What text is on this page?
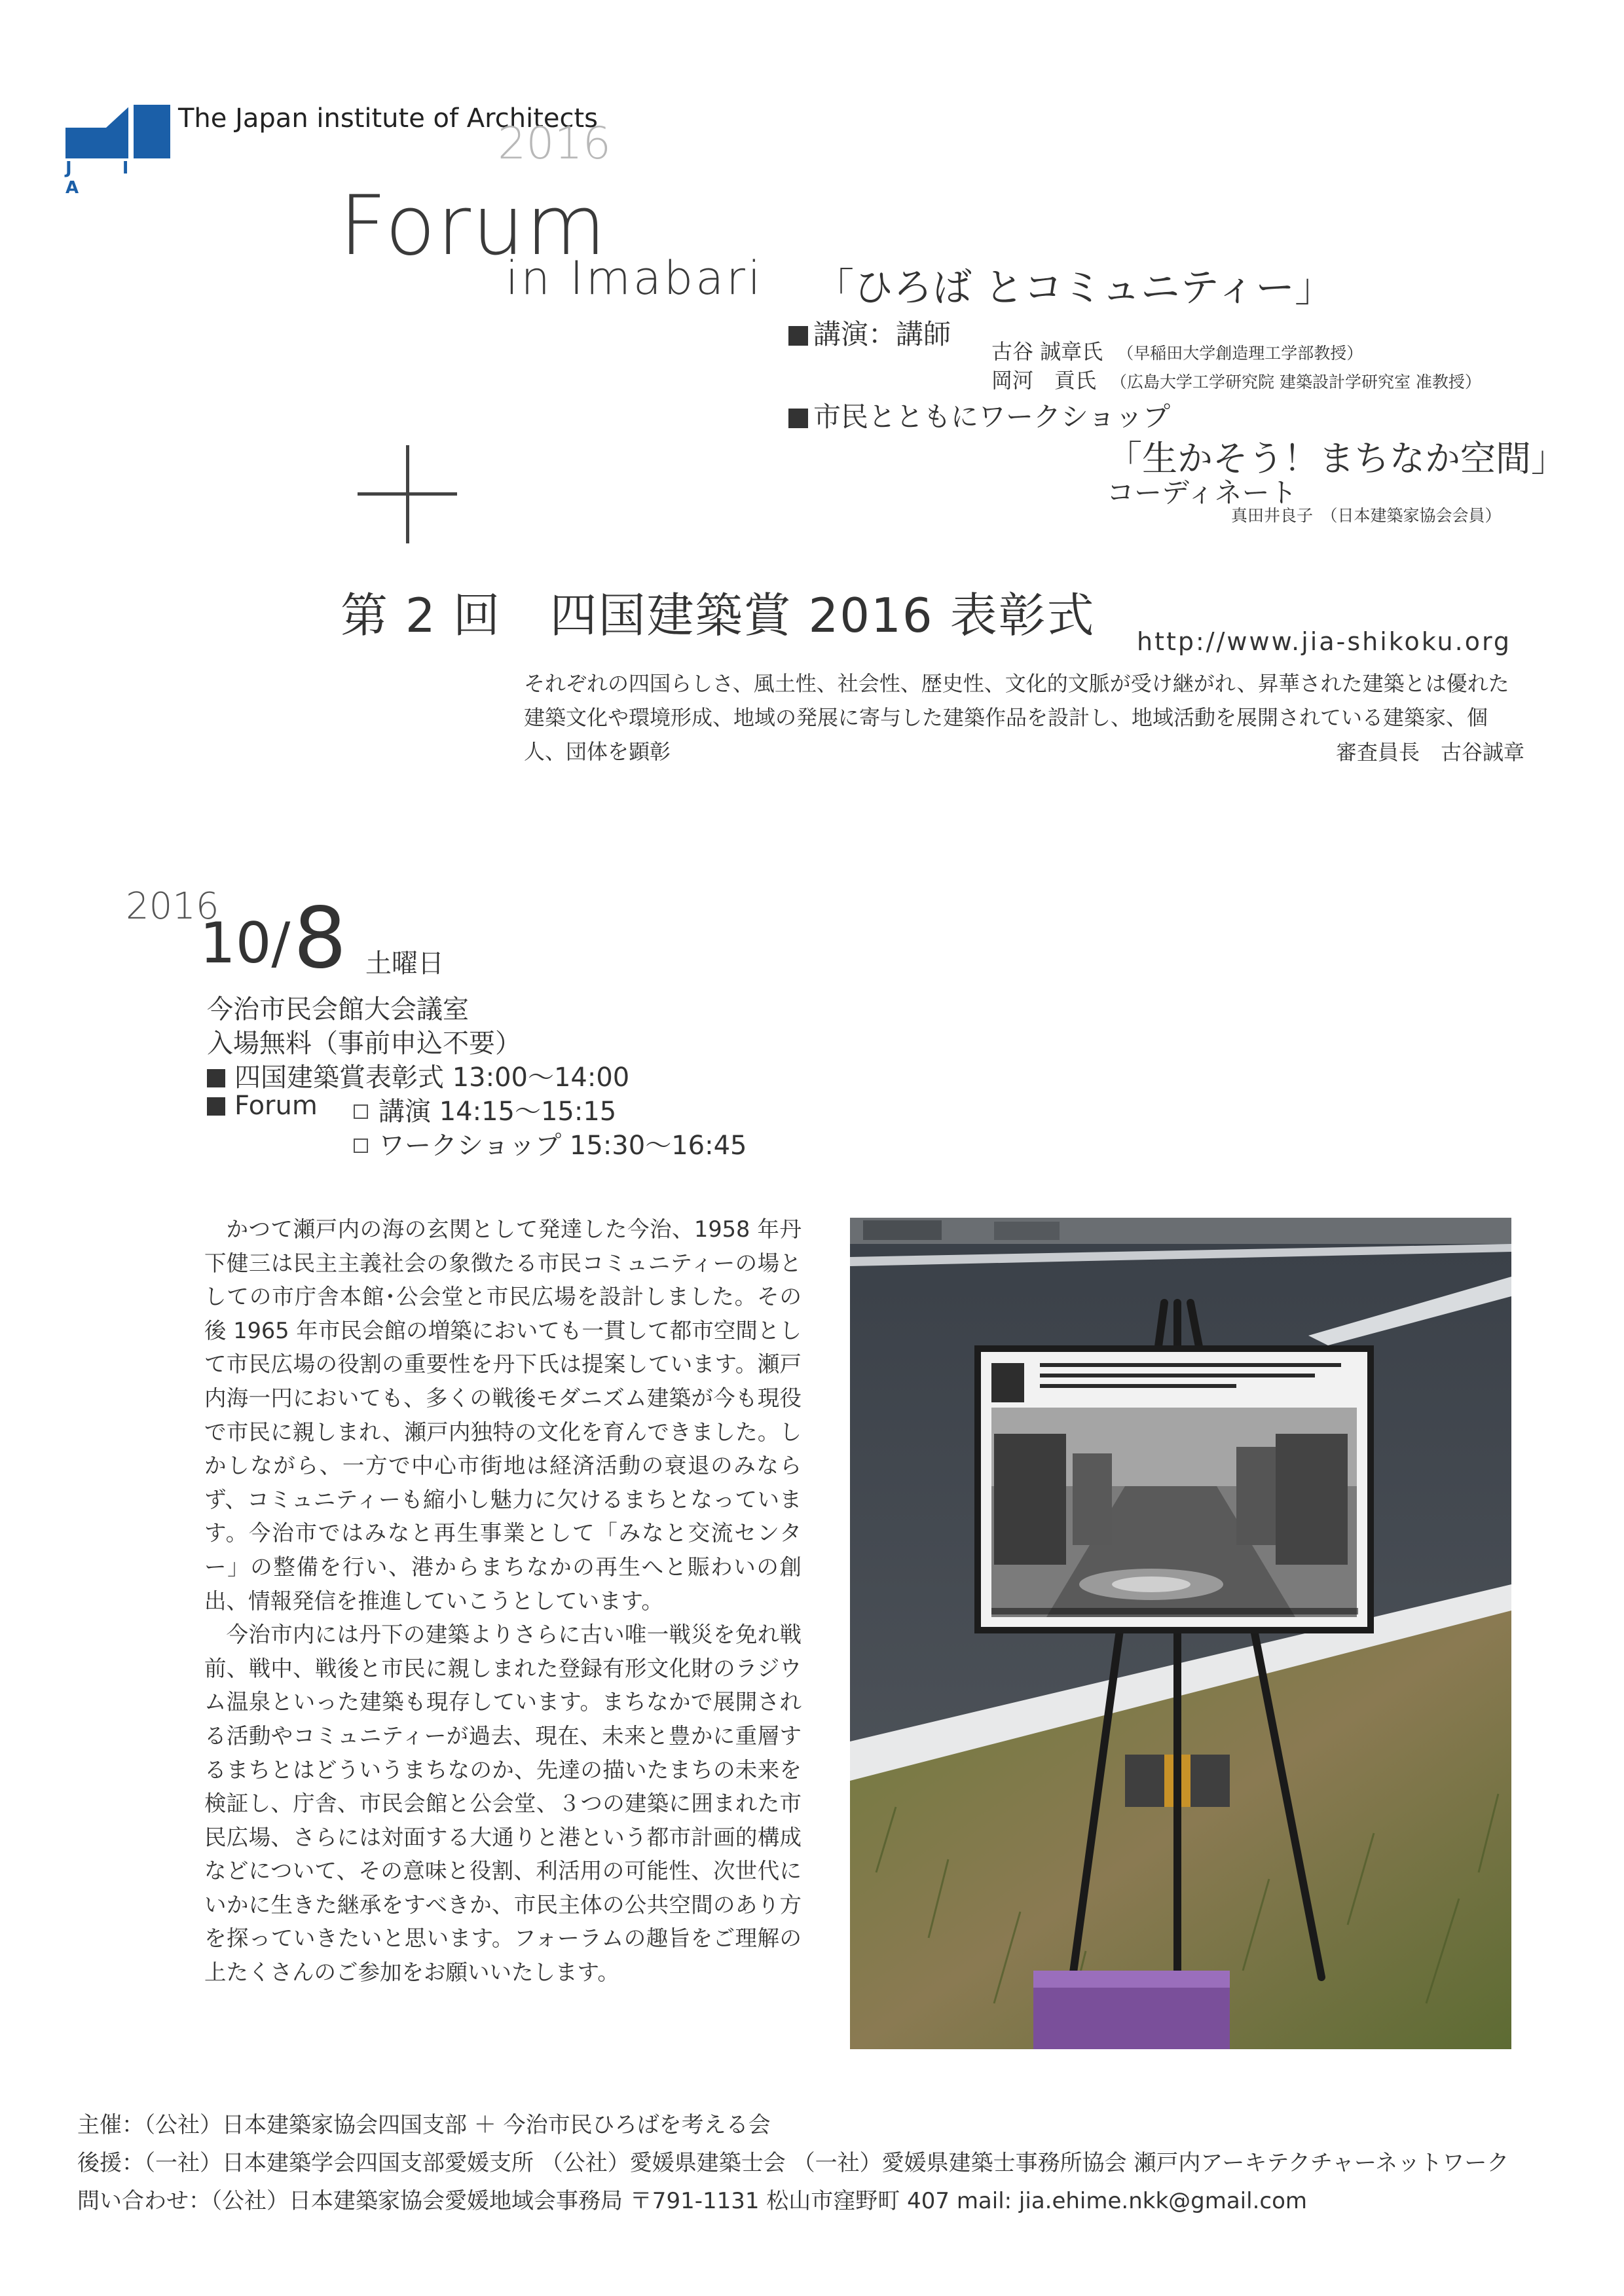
J I A
The Japan institute of Architects
2016
Forum
in Imabari 「ひろば とコミュニティー」
講演：講師
古谷 誠章氏 （早稲田大学創造理工学部教授）
岡河　貢氏 （広島大学工学研究院 建築設計学研究室 准教授）
市民とともにワークショップ
「生かそう！まちなか空間」
コーディネート
真田井良子　（日本建築家協会会員）
第 2 回　四国建築賞 2016 表彰式 http://www.jia-shikoku.org
それぞれの四国らしさ、風土性、社会性、歴史性、文化的文脈が受け継がれ、昇華された建築とは優れた建築文化や環境形成、地域の発展に寄与した建築作品を設計し、地域活動を展開されている建築家、個人、団体を顕彰	審査員長　古谷誠章
2016
10/ 8 土曜日
今治市民会館大会議室
入場無料（事前申込不要）
四国建築賞表彰式 13:00〜14:00
Forum	講演 14:15〜15:15
ワークショップ 15:30〜16:45

かつて瀬戸内の海の玄関として発達した今治、1958 年丹下健三は民主主義社会の象徴たる市民コミュニティーの場としての市庁舎本館･公会堂と市民広場を設計しました。その後 1965 年市民会館の増築においても一貫して都市空間として市民広場の役割の重要性を丹下氏は提案しています。瀬戸内海一円においても、多くの戦後モダニズム建築が今も現役で市民に親しまれ、瀬戸内独特の文化を育んできました。しかしながら、一方で中心市街地は経済活動の衰退のみならず、コミュニティーも縮小し魅力に欠けるまちとなっています。今治市ではみなと再生事業として「みなと交流センター」の整備を行い、港からまちなかの再生へと賑わいの創出、情報発信を推進していこうとしています。

今治市内には丹下の建築よりさらに古い唯一戦災を免れ戦前、戦中、戦後と市民に親しまれた登録有形文化財のラジウム温泉といった建築も現存しています。まちなかで展開される活動やコミュニティーが過去、現在、未来と豊かに重層するまちとはどういうまちなのか、先達の描いたまちの未来を検証し、庁舎、市民会館と公会堂、３つの建築に囲まれた市民広場、さらには対面する大通りと港という都市計画的構成などについて、その意味と役割、利活用の可能性、次世代にいかに生きた継承をすべきか、市民主体の公共空間のあり方を探っていきたいと思います。フォーラムの趣旨をご理解の上たくさんのご参加をお願いいたします。

主催：（公社）日本建築家協会四国支部 ＋ 今治市民ひろばを考える会
後援：（一社）日本建築学会四国支部愛媛支所 （公社）愛媛県建築士会 （一社）愛媛県建築士事務所協会 瀬戸内アーキテクチャーネットワーク
問い合わせ：（公社）日本建築家協会愛媛地域会事務局 〒791-1131 松山市窪野町 407 mail: jia.ehime.nkk@gmail.com
